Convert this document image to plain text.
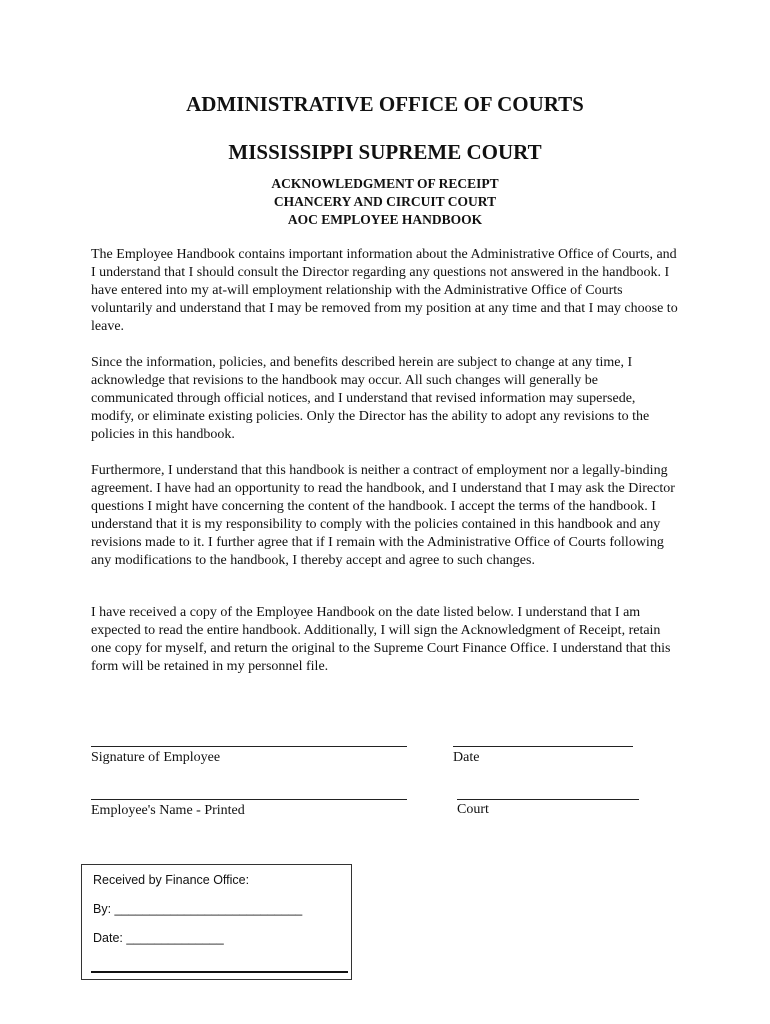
ADMINISTRATIVE OFFICE OF COURTS
MISSISSIPPI SUPREME COURT
ACKNOWLEDGMENT OF RECEIPT
CHANCERY AND CIRCUIT COURT
AOC EMPLOYEE HANDBOOK

The Employee Handbook contains important information about the Administrative Office of Courts, and I understand that I should consult the Director regarding any questions not answered in the handbook. I have entered into my at-will employment relationship with the Administrative Office of Courts voluntarily and understand that I may be removed from my position at any time and that I may choose to leave.

Since the information, policies, and benefits described herein are subject to change at any time, I acknowledge that revisions to the handbook may occur. All such changes will generally be communicated through official notices, and I understand that revised information may supersede, modify, or eliminate existing policies. Only the Director has the ability to adopt any revisions to the policies in this handbook.

Furthermore, I understand that this handbook is neither a contract of employment nor a legally-binding agreement. I have had an opportunity to read the handbook, and I understand that I may ask the Director questions I might have concerning the content of the handbook. I accept the terms of the handbook. I understand that it is my responsibility to comply with the policies contained in this handbook and any revisions made to it. I further agree that if I remain with the Administrative Office of Courts following any modifications to the handbook, I thereby accept and agree to such changes.

I have received a copy of the Employee Handbook on the date listed below. I understand that I am expected to read the entire handbook. Additionally, I will sign the Acknowledgment of Receipt, retain one copy for myself, and return the original to the Supreme Court Finance Office. I understand that this form will be retained in my personnel file.

Signature of Employee	Date
Employee's Name - Printed	Court
Received by Finance Office:
By: ___________________________
Date: ______________
